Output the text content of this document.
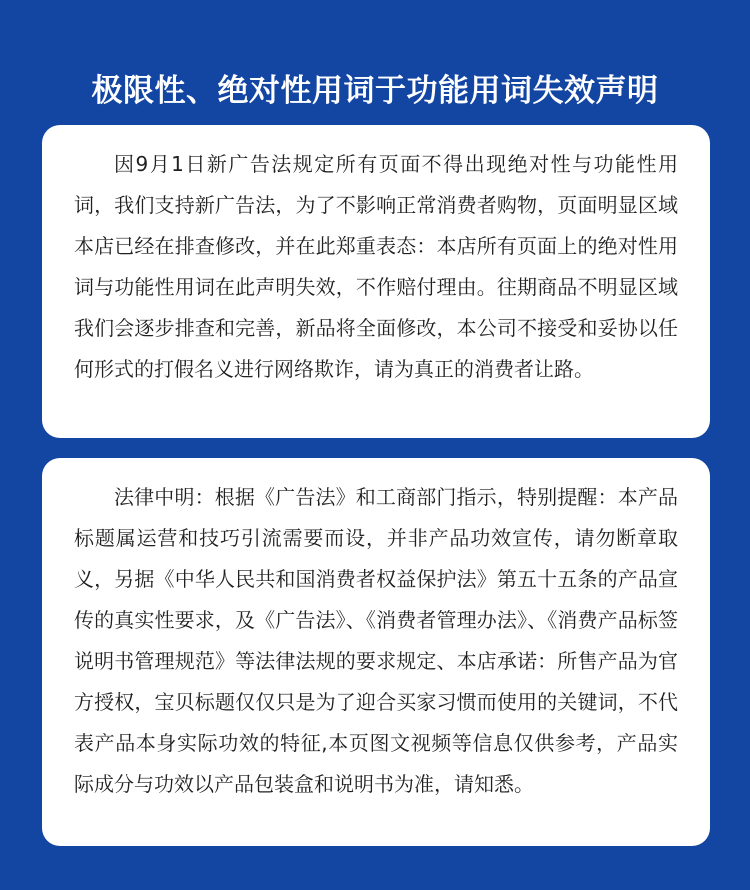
极限性、绝对性用词于功能用词失效声明

因9月1日新广告法规定所有页面不得出现绝对性与功能性用词，我们支持新广告法，为了不影响正常消费者购物，页面明显区域本店已经在排查修改，并在此郑重表态：本店所有页面上的绝对性用词与功能性用词在此声明失效，不作赔付理由。往期商品不明显区域我们会逐步排查和完善，新品将全面修改，本公司不接受和妥协以任何形式的打假名义进行网络欺诈，请为真正的消费者让路。

法律中明：根据《广告法》和工商部门指示，特别提醒：本产品标题属运营和技巧引流需要而设，并非产品功效宣传，请勿断章取义，另据《中华人民共和国消费者权益保护法》第五十五条的产品宣传的真实性要求，及《广告法》、《消费者管理办法》、《消费产品标签说明书管理规范》等法律法规的要求规定、本店承诺：所售产品为官方授权，宝贝标题仅仅只是为了迎合买家习惯而使用的关键词，不代表产品本身实际功效的特征,本页图文视频等信息仅供参考，产品实际成分与功效以产品包装盒和说明书为准，请知悉。
